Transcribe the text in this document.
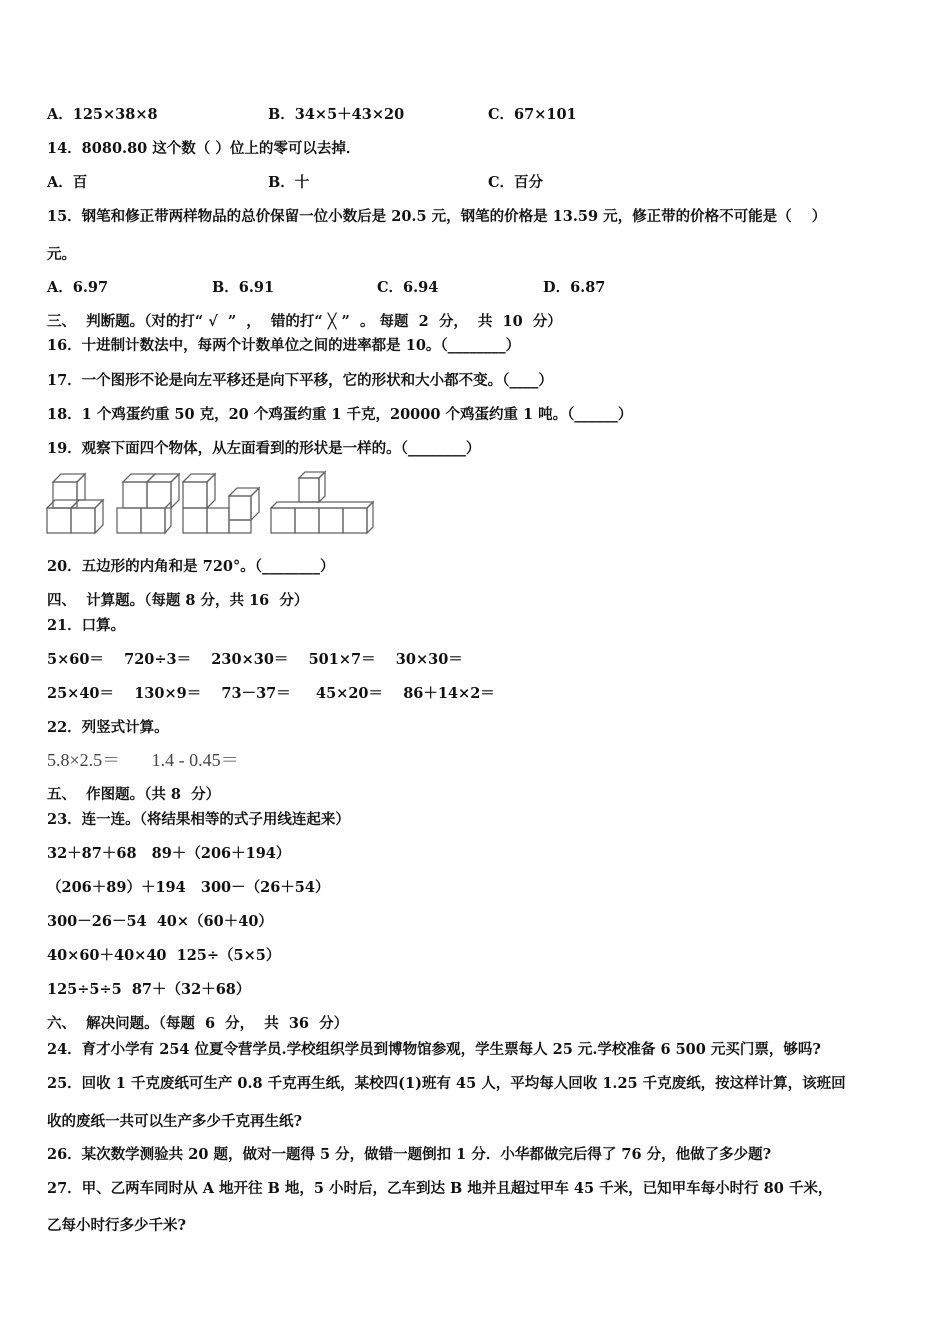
A．125×38×8	B．34×5＋43×20	C．67×101
14．8080.80 这个数（ ）位上的零可以去掉．
A．百	B．十	C．百分
15．钢笔和修正带两样物品的总价保留一位小数后是 20.5 元，钢笔的价格是 13.59 元，修正带的价格不可能是（    ）
元。
A．6.97	B．6.91	C．6.94	D．6.87
三、  判断题。（对的打“ √  ”  ，  错的打“ ╳ ”  。 每题  2  分，  共  10  分）
16．十进制计数法中，每两个计数单位之间的进率都是 10。（________）
17．一个图形不论是向左平移还是向下平移，它的形状和大小都不变。（____）
18．1 个鸡蛋约重 50 克，20 个鸡蛋约重 1 千克，20000 个鸡蛋约重 1 吨。（______）
19．观察下面四个物体，从左面看到的形状是一样的。（________）
20．五边形的内角和是 720°。（________）
四、  计算题。（每题 8 分，共 16  分）
21．口算。
5×60＝    720÷3＝    230×30＝    501×7＝    30×30＝
25×40＝    130×9＝    73－37＝     45×20＝    86＋14×2＝
22．列竖式计算。
5.8×2.5＝       1.4 - 0.45＝
五、  作图题。（共 8  分）
23．连一连。（将结果相等的式子用线连起来）
32＋87＋68   89＋（206＋194）
（206＋89）＋194   300－（26＋54）
300－26－54  40×（60＋40）
40×60＋40×40  125÷（5×5）
125÷5÷5  87＋（32＋68）
六、  解决问题。（每题  6  分，  共  36  分）
24．育才小学有 254 位夏令营学员.学校组织学员到博物馆参观，学生票每人 25 元.学校准备 6 500 元买门票，够吗?
25．回收 1 千克废纸可生产 0.8 千克再生纸，某校四(1)班有 45 人，平均每人回收 1.25 千克废纸，按这样计算，该班回
收的废纸一共可以生产多少千克再生纸?
26．某次数学测验共 20 题，做对一题得 5 分，做错一题倒扣 1 分．小华都做完后得了 76 分，他做了多少题?
27．甲、乙两车同时从 A 地开往 B 地，5 小时后，乙车到达 B 地并且超过甲车 45 千米，已知甲车每小时行 80 千米，
乙每小时行多少千米?
